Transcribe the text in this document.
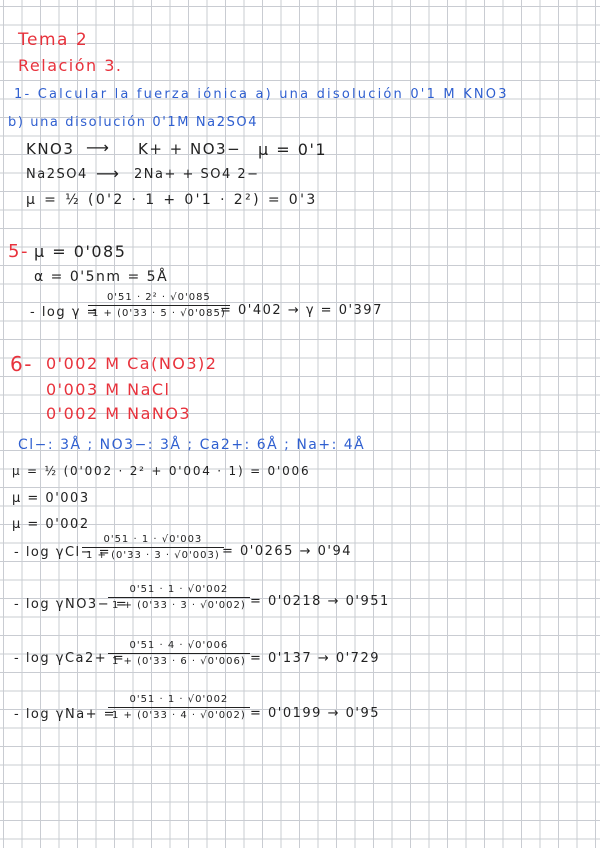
Tema 2
Relación 3.
1- Calcular la fuerza iónica a) una disolución 0'1 M KNO3
b) una disolución 0'1M Na2SO4
KNO3 ⟶ K+ + NO3− μ = 0'1
Na2SO4 ⟶ 2Na+ + SO4 2−
μ = ½ (0'2 · 1 + 0'1 · 2²) = 0'3
5- μ = 0'085
α = 0'5nm = 5Å
- log γ =
$\frac{\text{0'51 · 2² · √0'085}}{1 + (0'33 \cdot 5 \cdot √0'085)}$
= 0'402 → γ = 0'397
6- 0'002 M Ca(NO3)2
0'003 M NaCl
0'002 M NaNO3
Cl−: 3Å ; NO3−: 3Å ; Ca2+: 6Å ; Na+: 4Å
μ = ½ (0'002 · 2² + 0'004 · 1) = 0'006
μ = 0'003
μ = 0'002
- log γCl− =
$\frac{0'51 \cdot 1 \cdot √0'003}{1 + (0'33 \cdot 3 \cdot √0'003)}$
= 0'0265 → 0'94
- log γNO3− =
$\frac{0'51 \cdot 1 \cdot √0'002}{1 + (0'33 \cdot 3 \cdot √0'002)} = 0'0218 \to 0'951$
- log γCa2+ =
$\frac{0'51 \cdot 4 \cdot √0'006}{1 + (0'33 \cdot 6 \cdot √0'006)} = 0'137 \to 0'729$
- log γNa+ =
$\frac{0'51 \cdot 1 \cdot √0'002}{1 + (0'33 \cdot 4 \cdot √0'002)} = 0'0199 \to 0'95$
